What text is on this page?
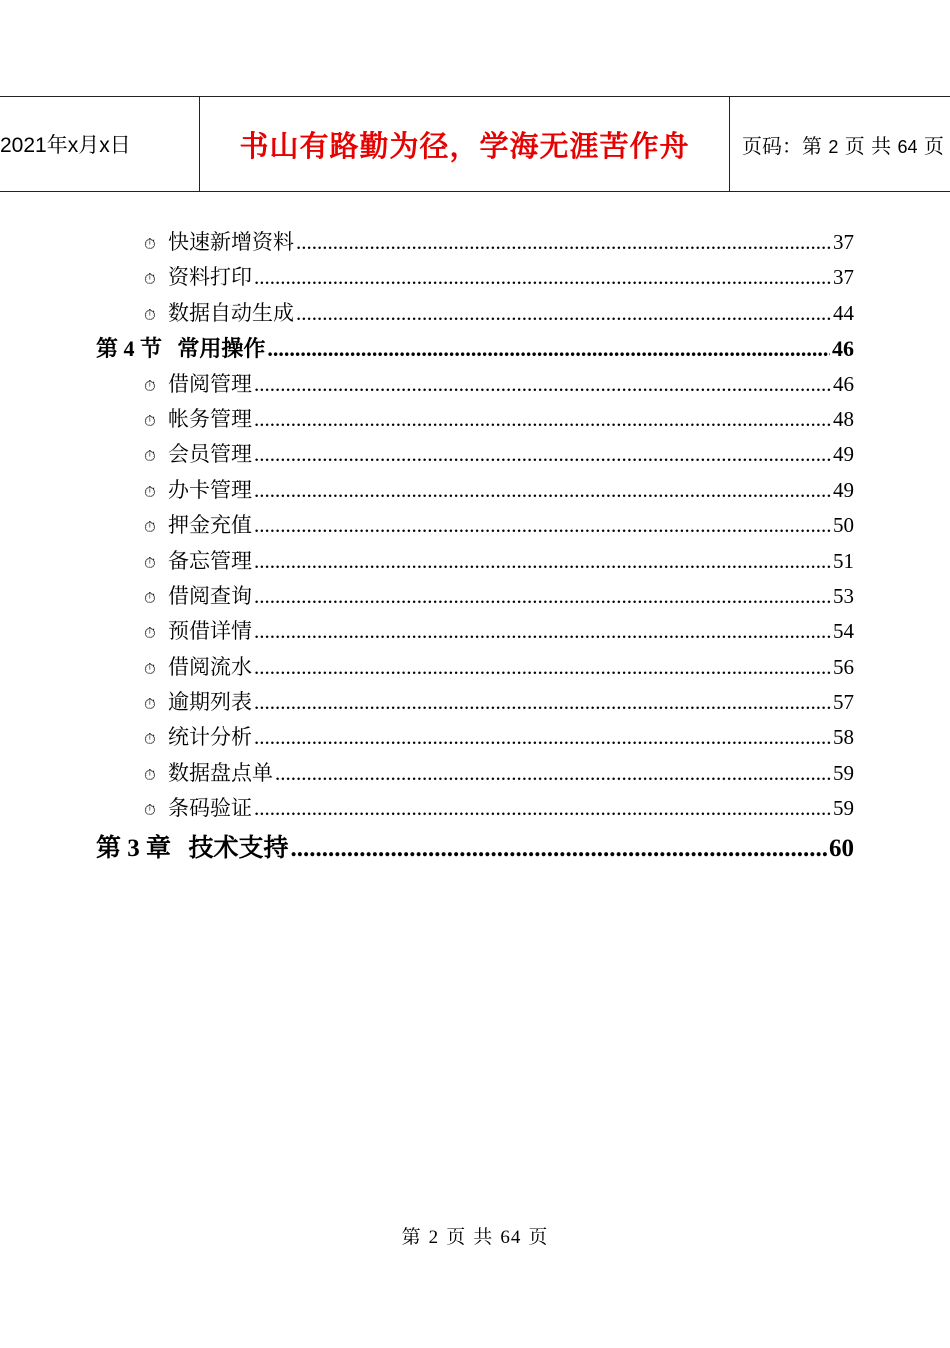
2021年x月x日	书山有路勤为径，学海无涯苦作舟	页码：第 2 页 共 64 页
⏱ 快速新增资料 .....	37
⏱ 资料打印 .....	37
⏱ 数据自动生成 .....	44
第 4 节 常用操作 .....	46
⏱ 借阅管理 .....	46
⏱ 帐务管理 .....	48
⏱ 会员管理 .....	49
⏱ 办卡管理 .....	49
⏱ 押金充值 .....	50
⏱ 备忘管理 .....	51
⏱ 借阅查询 .....	53
⏱ 预借详情 .....	54
⏱ 借阅流水 .....	56
⏱ 逾期列表 .....	57
⏱ 统计分析 .....	58
⏱ 数据盘点单 .....	59
⏱ 条码验证 .....	59
第 3 章 技术支持 .....	60
第 2 页 共 64 页
